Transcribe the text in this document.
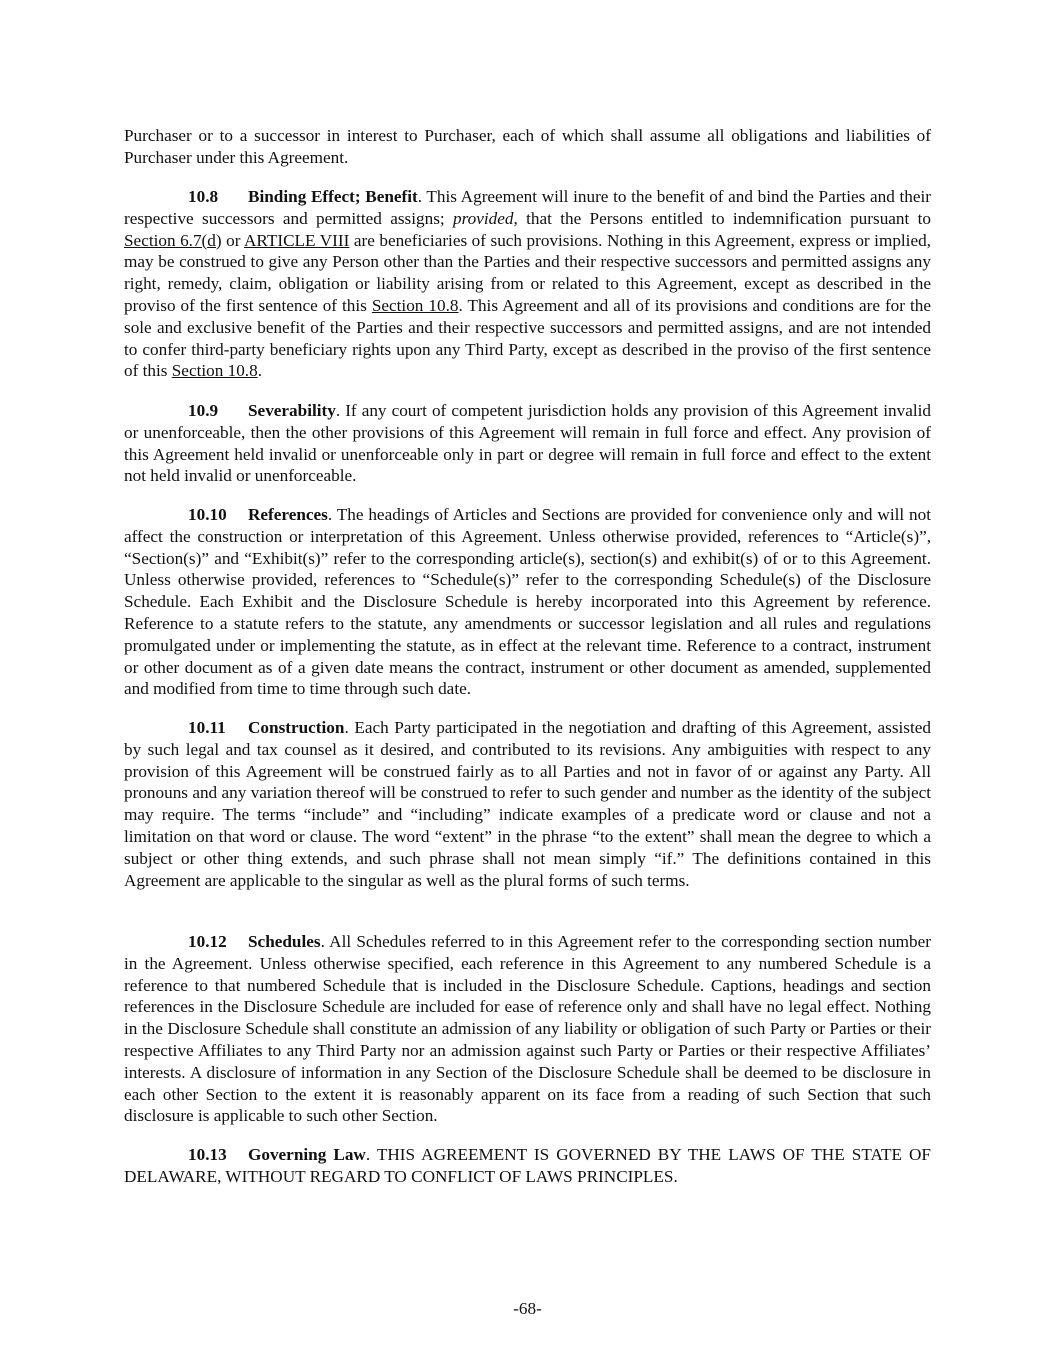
Purchaser or to a successor in interest to Purchaser, each of which shall assume all obligations and liabilities of Purchaser under this Agreement.

10.8 Binding Effect; Benefit. This Agreement will inure to the benefit of and bind the Parties and their respective successors and permitted assigns; provided, that the Persons entitled to indemnification pursuant to Section 6.7(d) or ARTICLE VIII are beneficiaries of such provisions. Nothing in this Agreement, express or implied, may be construed to give any Person other than the Parties and their respective successors and permitted assigns any right, remedy, claim, obligation or liability arising from or related to this Agreement, except as described in the proviso of the first sentence of this Section 10.8. This Agreement and all of its provisions and conditions are for the sole and exclusive benefit of the Parties and their respective successors and permitted assigns, and are not intended to confer third-party beneficiary rights upon any Third Party, except as described in the proviso of the first sentence of this Section 10.8.

10.9 Severability. If any court of competent jurisdiction holds any provision of this Agreement invalid or unenforceable, then the other provisions of this Agreement will remain in full force and effect. Any provision of this Agreement held invalid or unenforceable only in part or degree will remain in full force and effect to the extent not held invalid or unenforceable.

10.10 References. The headings of Articles and Sections are provided for convenience only and will not affect the construction or interpretation of this Agreement. Unless otherwise provided, references to “Article(s)”, “Section(s)” and “Exhibit(s)” refer to the corresponding article(s), section(s) and exhibit(s) of or to this Agreement. Unless otherwise provided, references to “Schedule(s)” refer to the corresponding Schedule(s) of the Disclosure Schedule. Each Exhibit and the Disclosure Schedule is hereby incorporated into this Agreement by reference. Reference to a statute refers to the statute, any amendments or successor legislation and all rules and regulations promulgated under or implementing the statute, as in effect at the relevant time. Reference to a contract, instrument or other document as of a given date means the contract, instrument or other document as amended, supplemented and modified from time to time through such date.

10.11 Construction. Each Party participated in the negotiation and drafting of this Agreement, assisted by such legal and tax counsel as it desired, and contributed to its revisions. Any ambiguities with respect to any provision of this Agreement will be construed fairly as to all Parties and not in favor of or against any Party. All pronouns and any variation thereof will be construed to refer to such gender and number as the identity of the subject may require. The terms “include” and “including” indicate examples of a predicate word or clause and not a limitation on that word or clause. The word “extent” in the phrase “to the extent” shall mean the degree to which a subject or other thing extends, and such phrase shall not mean simply “if.” The definitions contained in this Agreement are applicable to the singular as well as the plural forms of such terms.

10.12 Schedules. All Schedules referred to in this Agreement refer to the corresponding section number in the Agreement. Unless otherwise specified, each reference in this Agreement to any numbered Schedule is a reference to that numbered Schedule that is included in the Disclosure Schedule. Captions, headings and section references in the Disclosure Schedule are included for ease of reference only and shall have no legal effect. Nothing in the Disclosure Schedule shall constitute an admission of any liability or obligation of such Party or Parties or their respective Affiliates to any Third Party nor an admission against such Party or Parties or their respective Affiliates’ interests. A disclosure of information in any Section of the Disclosure Schedule shall be deemed to be disclosure in each other Section to the extent it is reasonably apparent on its face from a reading of such Section that such disclosure is applicable to such other Section.

10.13 Governing Law. THIS AGREEMENT IS GOVERNED BY THE LAWS OF THE STATE OF DELAWARE, WITHOUT REGARD TO CONFLICT OF LAWS PRINCIPLES.

-68-
